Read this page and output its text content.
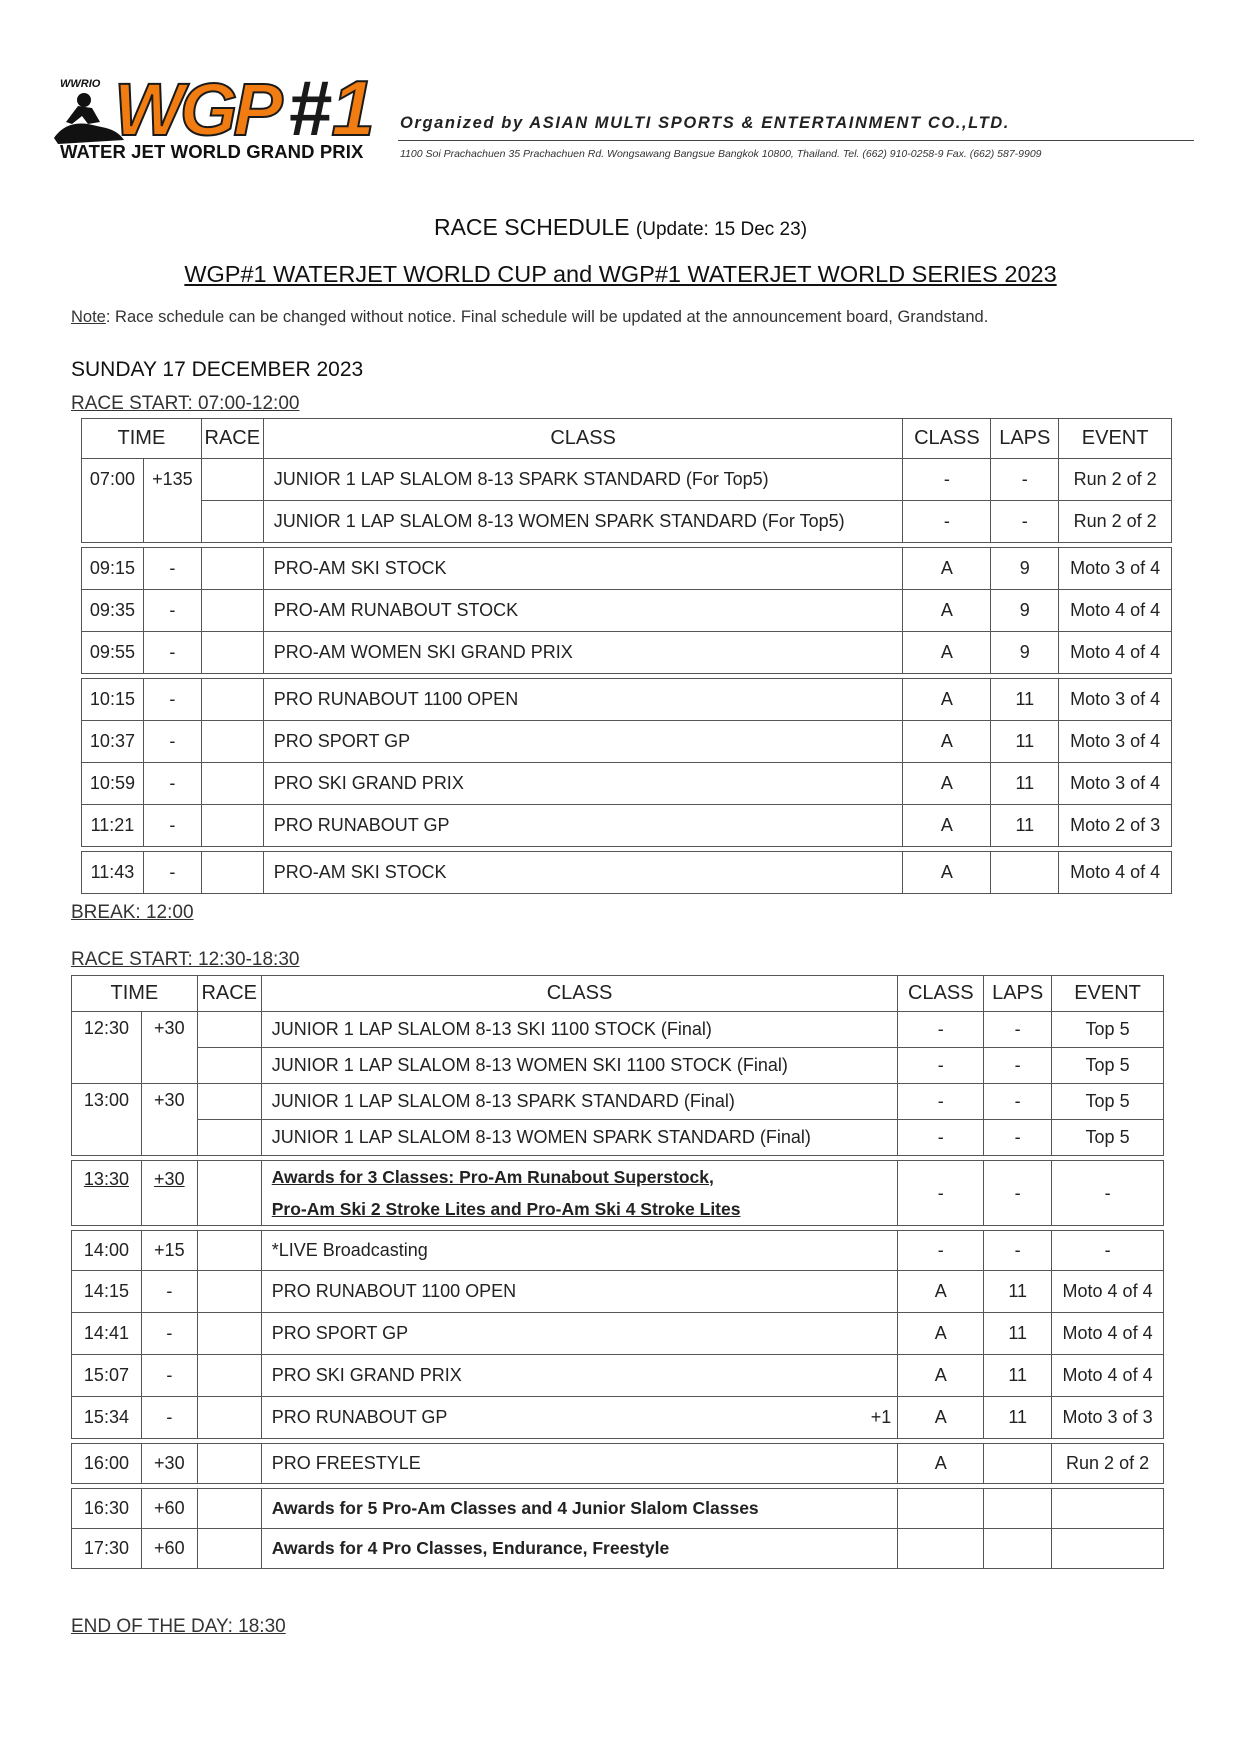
WWRIO WGP #1
WATER JET WORLD GRAND PRIX
Organized by ASIAN MULTI SPORTS & ENTERTAINMENT CO.,LTD.
1100 Soi Prachachuen 35 Prachachuen Rd. Wongsawang Bangsue Bangkok 10800, Thailand. Tel. (662) 910-0258-9 Fax. (662) 587-9909
RACE SCHEDULE (Update: 15 Dec 23)
WGP#1 WATERJET WORLD CUP and WGP#1 WATERJET WORLD SERIES 2023
Note: Race schedule can be changed without notice. Final schedule will be updated at the announcement board, Grandstand.
SUNDAY 17 DECEMBER 2023
RACE START: 07:00-12:00
TIME		RACE	CLASS	CLASS	LAPS	EVENT
07:00	+135		JUNIOR 1 LAP SLALOM 8-13 SPARK STANDARD (For Top5)	-	-	Run 2 of 2
			JUNIOR 1 LAP SLALOM 8-13 WOMEN SPARK STANDARD (For Top5)	-	-	Run 2 of 2

09:15	-		PRO-AM SKI STOCK	A	9	Moto 3 of 4
09:35	-		PRO-AM RUNABOUT STOCK	A	9	Moto 4 of 4
09:55	-		PRO-AM WOMEN SKI GRAND PRIX	A	9	Moto 4 of 4

10:15	-		PRO RUNABOUT 1100 OPEN	A	11	Moto 3 of 4
10:37	-		PRO SPORT GP	A	11	Moto 3 of 4
10:59	-		PRO SKI GRAND PRIX	A	11	Moto 3 of 4
11:21	-		PRO RUNABOUT GP	A	11	Moto 2 of 3

11:43	-		PRO-AM SKI STOCK	A		Moto 4 of 4
BREAK: 12:00
RACE START: 12:30-18:30
TIME		RACE	CLASS	CLASS	LAPS	EVENT
12:30	+30		JUNIOR 1 LAP SLALOM 8-13 SKI 1100 STOCK (Final)	-	-	Top 5
			JUNIOR 1 LAP SLALOM 8-13 WOMEN SKI 1100 STOCK (Final)	-	-	Top 5
13:00	+30		JUNIOR 1 LAP SLALOM 8-13 SPARK STANDARD (Final)	-	-	Top 5
			JUNIOR 1 LAP SLALOM 8-13 WOMEN SPARK STANDARD (Final)	-	-	Top 5

13:30	+30		Awards for 3 Classes: Pro-Am Runabout Superstock,
Pro-Am Ski 2 Stroke Lites and Pro-Am Ski 4 Stroke Lites	-	-	-

14:00	+15		*LIVE Broadcasting	-	-	-
14:15	-		PRO RUNABOUT 1100 OPEN	A	11	Moto 4 of 4
14:41	-		PRO SPORT GP	A	11	Moto 4 of 4
15:07	-		PRO SKI GRAND PRIX	A	11	Moto 4 of 4
15:34	-		PRO RUNABOUT GP +1	A	11	Moto 3 of 3

16:00	+30		PRO FREESTYLE	A		Run 2 of 2

16:30	+60		Awards for 5 Pro-Am Classes and 4 Junior Slalom Classes			
17:30	+60		Awards for 4 Pro Classes, Endurance, Freestyle			
END OF THE DAY: 18:30
